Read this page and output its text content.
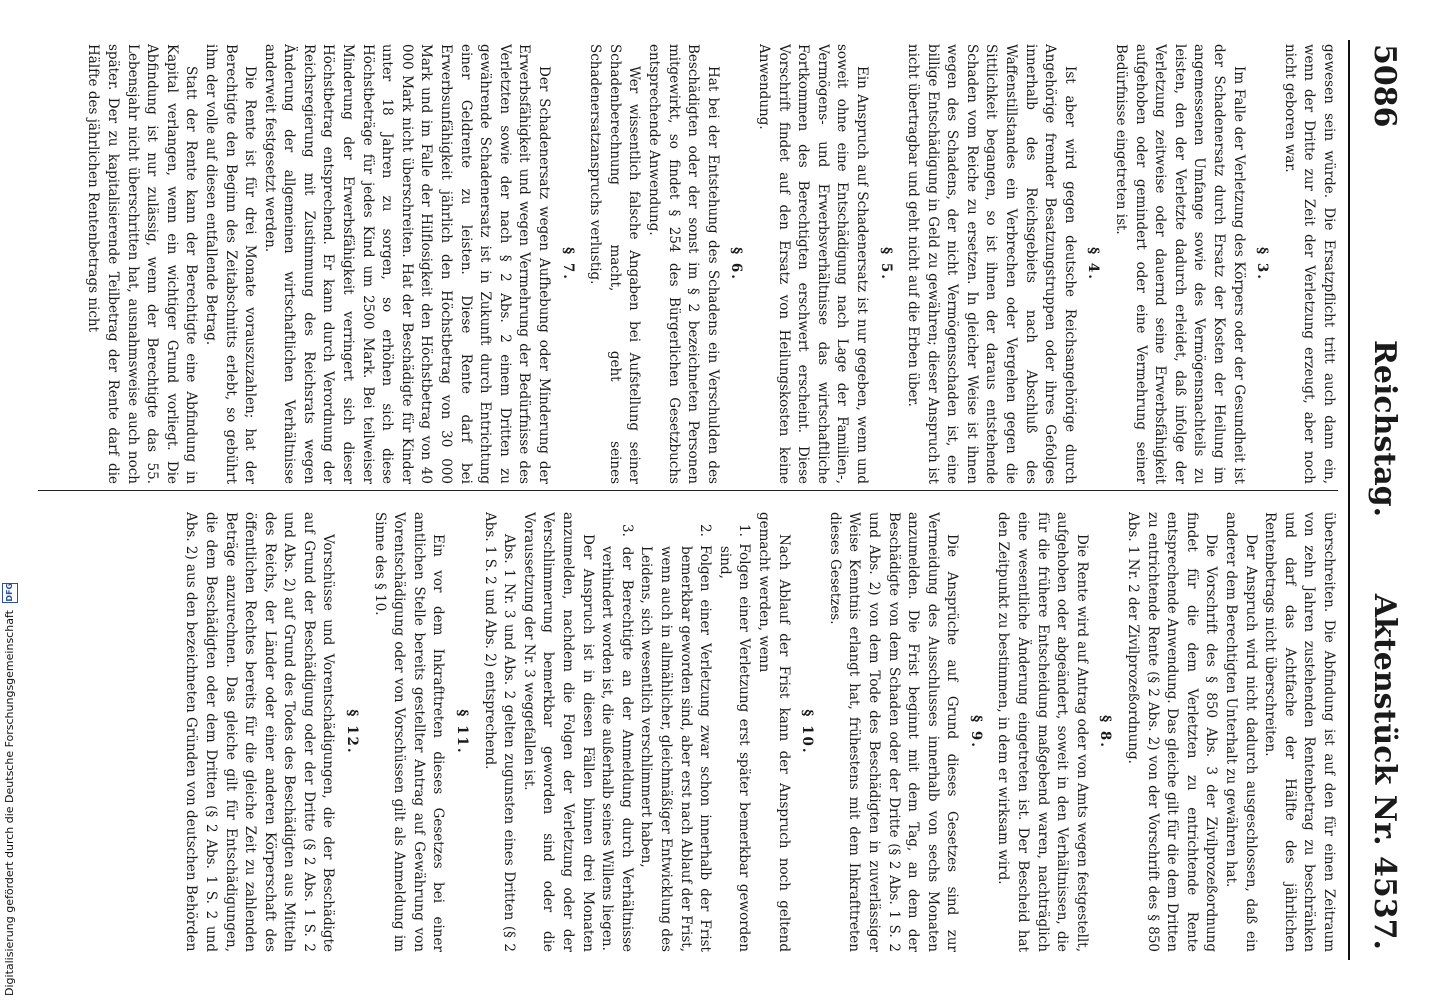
5086
Reichstag.
Aktenstück Nr. 4537.

gewesen sein würde. Die Ersatzpflicht tritt auch dann ein, wenn der Dritte zur Zeit der Verletzung erzeugt, aber noch nicht geboren war.

§ 3.

Im Falle der Verletzung des Körpers oder der Gesundheit ist der Schadenersatz durch Ersatz der Kosten der Heilung im angemessenen Umfange sowie des Vermögensnachteils zu leisten, den der Verletzte dadurch erleidet, daß infolge der Verletzung zeitweise oder dauernd seine Erwerbsfähigkeit aufgehoben oder gemindert oder eine Vermehrung seiner Bedürfnisse eingetreten ist.

§ 4.

Ist aber wird gegen deutsche Reichsangehörige durch Angehörige fremder Besatzungstruppen oder ihres Gefolges innerhalb des Reichsgebiets nach Abschluß des Waffenstillstandes ein Verbrechen oder Vergehen gegen die Sittlichkeit begangen, so ist ihnen der daraus entstehende Schaden vom Reiche zu ersetzen. In gleicher Weise ist ihnen wegen des Schadens, der nicht Vermögensschaden ist, eine billige Entschädigung in Geld zu gewähren; dieser Anspruch ist nicht übertragbar und geht nicht auf die Erben über.

§ 5.

Ein Anspruch auf Schadenersatz ist nur gegeben, wenn und soweit ohne eine Entschädigung nach Lage der Familien-, Vermögens- und Erwerbsverhältnisse das wirtschaftliche Fortkommen des Berechtigten erschwert erscheint. Diese Vorschrift findet auf den Ersatz von Heilungskosten keine Anwendung.

§ 6.

Hat bei der Entstehung des Schadens ein Verschulden des Beschädigten oder der sonst im § 2 bezeichneten Personen mitgewirkt, so findet § 254 des Bürgerlichen Gesetzbuchs entsprechende Anwendung.

Wer wissentlich falsche Angaben bei Aufstellung seiner Schadenberechnung macht, geht seines Schadenersatzanspruchs verlustig.

§ 7.

Der Schadenersatz wegen Aufhebung oder Minderung der Erwerbsfähigkeit und wegen Vermehrung der Bedürfnisse des Verletzten sowie der nach § 2 Abs. 2 einem Dritten zu gewährende Schadenersatz ist in Zukunft durch Entrichtung einer Geldrente zu leisten. Diese Rente darf bei Erwerbsunfähigkeit jährlich den Höchstbetrag von 30 000 Mark und im Falle der Hilflosigkeit den Höchstbetrag von 40 000 Mark nicht überschreiten. Hat der Beschädigte für Kinder unter 18 Jahren zu sorgen, so erhöhen sich diese Höchstbeträge für jedes Kind um 2500 Mark. Bei teilweiser Minderung der Erwerbsfähigkeit verringert sich dieser Höchstbetrag entsprechend. Er kann durch Verordnung der Reichsregierung mit Zustimmung des Reichsrats wegen Änderung der allgemeinen wirtschaftlichen Verhältnisse anderweit festgesetzt werden.

Die Rente ist für drei Monate vorauszuzahlen; hat der Berechtigte den Beginn des Zeitabschnitts erlebt, so gebührt ihm der volle auf diesen entfallende Betrag.

Statt der Rente kann der Berechtigte eine Abfindung in Kapital verlangen, wenn ein wichtiger Grund vorliegt. Die Abfindung ist nur zulässig, wenn der Berechtigte das 55. Lebensjahr nicht überschritten hat, ausnahmsweise auch noch später. Der zu kapitalisierende Teilbetrag der Rente darf die Hälfte des jährlichen Rentenbetrags nicht

überschreiten. Die Abfindung ist auf den für einen Zeitraum von zehn Jahren zustehenden Rentenbetrag zu beschränken und darf das Achtfache der Hälfte des jährlichen Rentenbetrags nicht überschreiten.

Der Anspruch wird nicht dadurch ausgeschlossen, daß ein anderer dem Berechtigten Unterhalt zu gewähren hat.

Die Vorschrift des § 850 Abs. 3 der Zivilprozeßordnung findet für die dem Verletzten zu entrichtende Rente entsprechende Anwendung. Das gleiche gilt für die dem Dritten zu entrichtende Rente (§ 2 Abs. 2) von der Vorschrift des § 850 Abs. 1 Nr. 2 der Zivilprozeßordnung.

§ 8.

Die Rente wird auf Antrag oder von Amts wegen festgestellt, aufgehoben oder abgeändert, soweit in den Verhältnissen, die für die frühere Entscheidung maßgebend waren, nachträglich eine wesentliche Änderung eingetreten ist. Der Bescheid hat den Zeitpunkt zu bestimmen, in dem er wirksam wird.

§ 9.

Die Ansprüche auf Grund dieses Gesetzes sind zur Vermeidung des Ausschlusses innerhalb von sechs Monaten anzumelden. Die Frist beginnt mit dem Tag, an dem der Beschädigte von dem Schaden oder der Dritte (§ 2 Abs. 1 S. 2 und Abs. 2) von dem Tode des Beschädigten in zuverlässiger Weise Kenntnis erlangt hat, frühestens mit dem Inkrafttreten dieses Gesetzes.

§ 10.

Nach Ablauf der Frist kann der Anspruch noch geltend gemacht werden, wenn

1. Folgen einer Verletzung erst später bemerkbar geworden sind,
2. Folgen einer Verletzung zwar schon innerhalb der Frist bemerkbar geworden sind, aber erst nach Ablauf der Frist, wenn auch in allmählicher, gleichmäßiger Entwicklung des Leidens, sich wesentlich verschlimmert haben,
3. der Berechtigte an der Anmeldung durch Verhältnisse verhindert worden ist, die außerhalb seines Willens liegen.

Der Anspruch ist in diesen Fällen binnen drei Monaten anzumelden, nachdem die Folgen der Verletzung oder der Verschlimmerung bemerkbar geworden sind oder die Voraussetzung der Nr. 3 weggefallen ist.

Abs. 1 Nr. 3 und Abs. 2 gelten zugunsten eines Dritten (§ 2 Abs. 1 S. 2 und Abs. 2) entsprechend.

§ 11.

Ein vor dem Inkrafttreten dieses Gesetzes bei einer amtlichen Stelle bereits gestellter Antrag auf Gewährung von Vorentschädigung oder von Vorschüssen gilt als Anmeldung im Sinne des § 10.

§ 12.

Vorschüsse und Vorentschädigungen, die der Beschädigte auf Grund der Beschädigung oder der Dritte (§ 2 Abs. 1 S. 2 und Abs. 2) auf Grund des Todes des Beschädigten aus Mitteln des Reichs, der Länder oder einer anderen Körperschaft des öffentlichen Rechtes bereits für die gleiche Zeit zu zahlenden Beträge anzurechnen. Das gleiche gilt für Entschädigungen, die dem Beschädigten oder dem Dritten (§ 2 Abs. 1 S. 2 und Abs. 2) aus den bezeichneten Gründen von deutschen Behörden

Digitalisierung gefördert durch die Deutsche Forschungsgemeinschaft DFG
